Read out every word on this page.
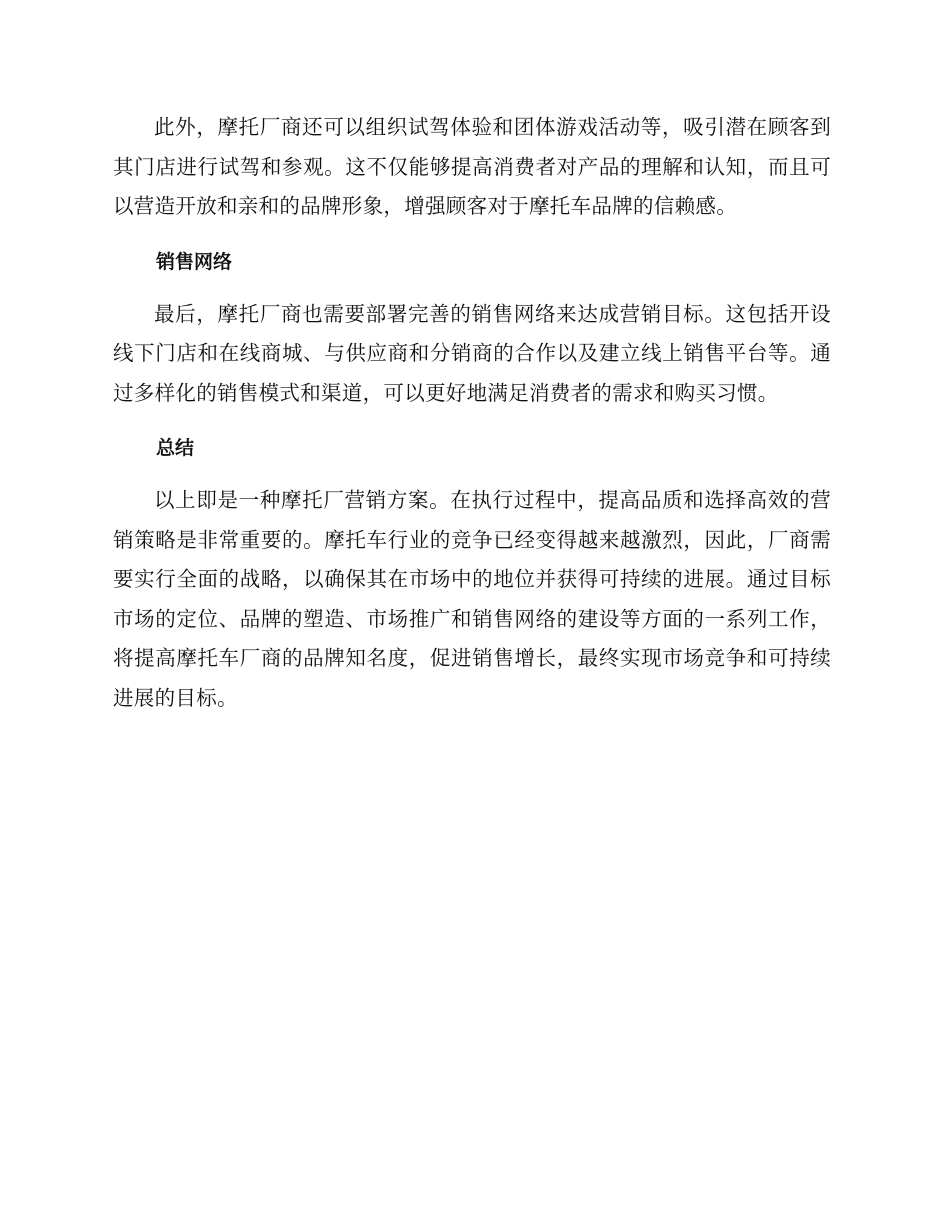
此外，摩托厂商还可以组织试驾体验和团体游戏活动等，吸引潜在顾客到其门店进行试驾和参观。这不仅能够提高消费者对产品的理解和认知，而且可以营造开放和亲和的品牌形象，增强顾客对于摩托车品牌的信赖感。

销售网络

最后，摩托厂商也需要部署完善的销售网络来达成营销目标。这包括开设线下门店和在线商城、与供应商和分销商的合作以及建立线上销售平台等。通过多样化的销售模式和渠道，可以更好地满足消费者的需求和购买习惯。

总结

以上即是一种摩托厂营销方案。在执行过程中，提高品质和选择高效的营销策略是非常重要的。摩托车行业的竞争已经变得越来越激烈，因此，厂商需要实行全面的战略，以确保其在市场中的地位并获得可持续的进展。通过目标市场的定位、品牌的塑造、市场推广和销售网络的建设等方面的一系列工作，将提高摩托车厂商的品牌知名度，促进销售增长，最终实现市场竞争和可持续进展的目标。
